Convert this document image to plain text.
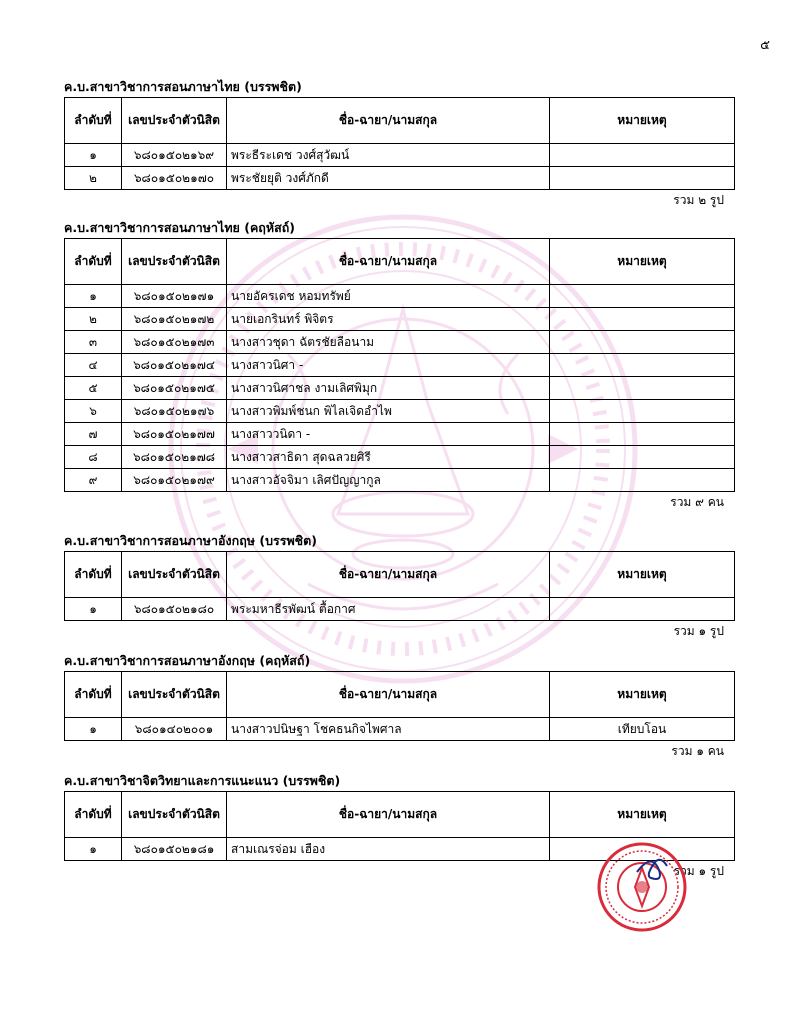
๕
ค.บ.สาขาวิชาการสอนภาษาไทย (บรรพชิต)
ลำดับที่	เลขประจำตัวนิสิต	ชื่อ-ฉายา/นามสกุล	หมายเหตุ
๑	๖๘๐๑๕๐๒๑๖๙	พระธีระเดช วงศ์สุวัฒน์	
๒	๖๘๐๑๕๐๒๑๗๐	พระชัยยุติ วงศ์ภักดี	
รวม ๒ รูป
ค.บ.สาขาวิชาการสอนภาษาไทย (คฤหัสถ์)
ลำดับที่	เลขประจำตัวนิสิต	ชื่อ-ฉายา/นามสกุล	หมายเหตุ
๑	๖๘๐๑๕๐๒๑๗๑	นายอัครเดช หอมทรัพย์	
๒	๖๘๐๑๕๐๒๑๗๒	นายเอกรินทร์ พิจิตร	
๓	๖๘๐๑๕๐๒๑๗๓	นางสาวชุดา ฉัตรชัยลือนาม	
๔	๖๘๐๑๕๐๒๑๗๔	นางสาวนิศา -	
๕	๖๘๐๑๕๐๒๑๗๕	นางสาวนิศาชล งามเลิศพิมุก	
๖	๖๘๐๑๕๐๒๑๗๖	นางสาวพิมพ์ชนก พิไลเจิดอำไพ	
๗	๖๘๐๑๕๐๒๑๗๗	นางสาววนิดา -	
๘	๖๘๐๑๕๐๒๑๗๘	นางสาวสาธิดา สุดฉลวยศิรี	
๙	๖๘๐๑๕๐๒๑๗๙	นางสาวอัจจิมา เลิศปัญญากูล	
รวม ๙ คน
ค.บ.สาขาวิชาการสอนภาษาอังกฤษ (บรรพชิต)
ลำดับที่	เลขประจำตัวนิสิต	ชื่อ-ฉายา/นามสกุล	หมายเหตุ
๑	๖๘๐๑๕๐๒๑๘๐	พระมหาธีรพัฒน์ ตื้อกาศ	
รวม ๑ รูป
ค.บ.สาขาวิชาการสอนภาษาอังกฤษ (คฤหัสถ์)
ลำดับที่	เลขประจำตัวนิสิต	ชื่อ-ฉายา/นามสกุล	หมายเหตุ
๑	๖๘๐๑๔๐๒๐๐๑	นางสาวปนิษฐา โชคธนกิจไพศาล	เทียบโอน
รวม ๑ คน
ค.บ.สาขาวิชาจิตวิทยาและการแนะแนว (บรรพชิต)
ลำดับที่	เลขประจำตัวนิสิต	ชื่อ-ฉายา/นามสกุล	หมายเหตุ
๑	๖๘๐๑๕๐๒๑๘๑	สามเณรจ่อม เฮือง	
รวม ๑ รูป
